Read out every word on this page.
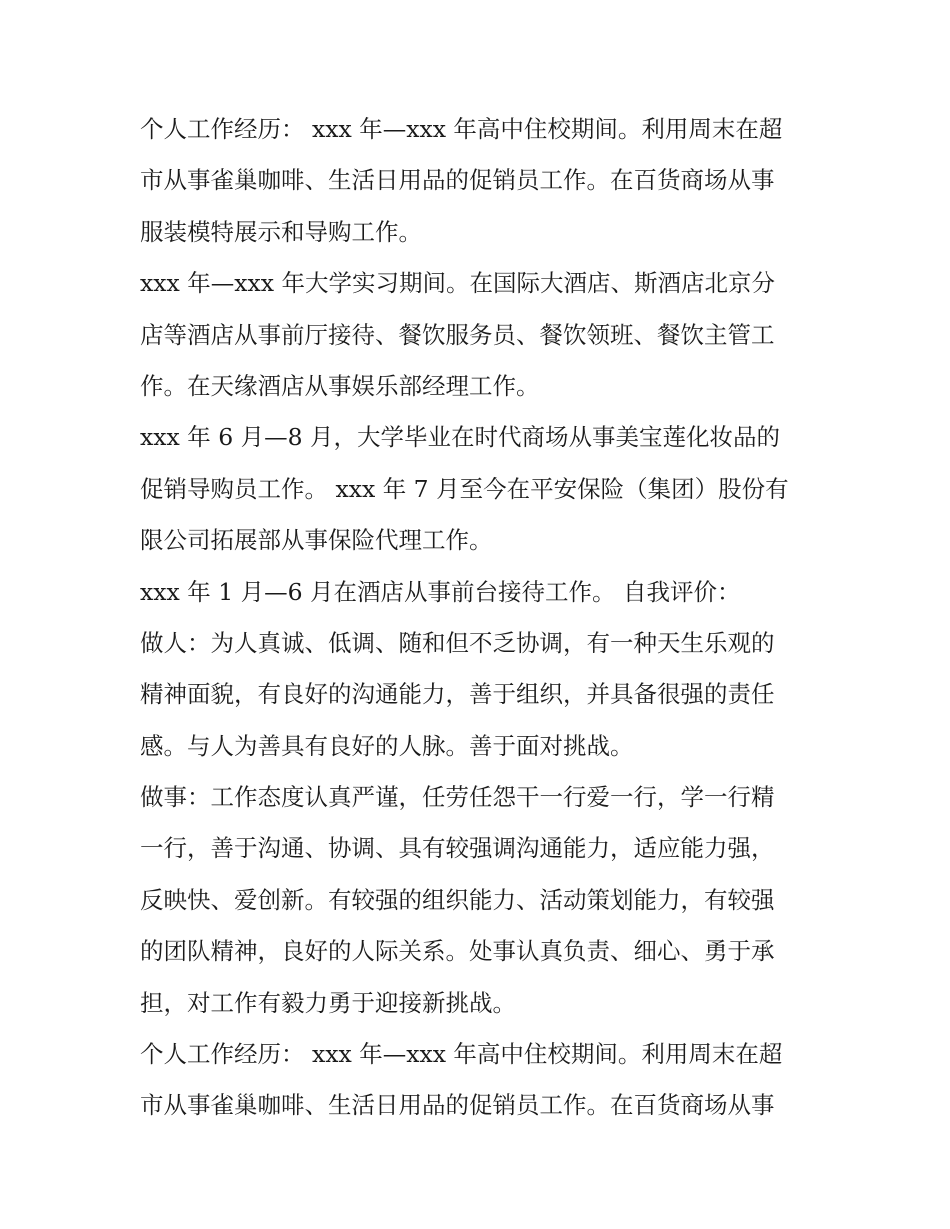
个人工作经历： xxx 年—xxx 年高中住校期间。利用周末在超
市从事雀巢咖啡、生活日用品的促销员工作。在百货商场从事
服装模特展示和导购工作。
xxx 年—xxx 年大学实习期间。在国际大酒店、斯酒店北京分
店等酒店从事前厅接待、餐饮服务员、餐饮领班、餐饮主管工
作。在天缘酒店从事娱乐部经理工作。
xxx 年 6 月—8 月，大学毕业在时代商场从事美宝莲化妆品的
促销导购员工作。 xxx 年 7 月至今在平安保险（集团）股份有
限公司拓展部从事保险代理工作。
xxx 年 1 月—6 月在酒店从事前台接待工作。 自我评价：
做人：为人真诚、低调、随和但不乏协调，有一种天生乐观的
精神面貌，有良好的沟通能力，善于组织，并具备很强的责任
感。与人为善具有良好的人脉。善于面对挑战。
做事：工作态度认真严谨，任劳任怨干一行爱一行，学一行精
一行，善于沟通、协调、具有较强调沟通能力，适应能力强，
反映快、爱创新。有较强的组织能力、活动策划能力，有较强
的团队精神，良好的人际关系。处事认真负责、细心、勇于承
担，对工作有毅力勇于迎接新挑战。
个人工作经历： xxx 年—xxx 年高中住校期间。利用周末在超
市从事雀巢咖啡、生活日用品的促销员工作。在百货商场从事
